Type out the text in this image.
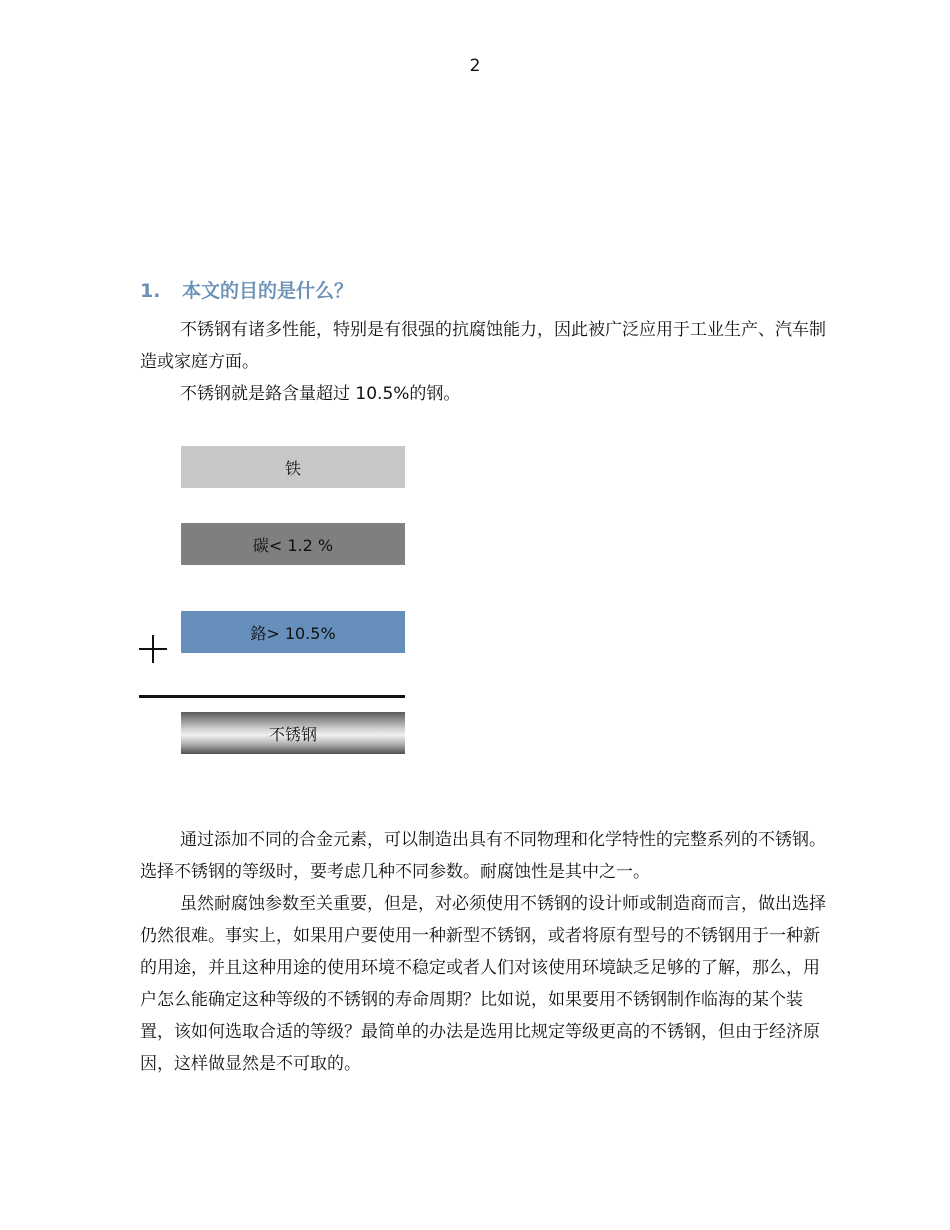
2
1. 本文的目的是什么？

不锈钢有诸多性能，特别是有很强的抗腐蚀能力，因此被广泛应用于工业生产、汽车制造或家庭方面。

不锈钢就是鉻含量超过 10.5%的钢。

铁
碳< 1.2 %
鉻> 10.5%
不锈钢

通过添加不同的合金元素，可以制造出具有不同物理和化学特性的完整系列的不锈钢。选择不锈钢的等级时，要考虑几种不同参数。耐腐蚀性是其中之一。

虽然耐腐蚀参数至关重要，但是，对必须使用不锈钢的设计师或制造商而言，做出选择仍然很难。事实上，如果用户要使用一种新型不锈钢，或者将原有型号的不锈钢用于一种新的用途，并且这种用途的使用环境不稳定或者人们对该使用环境缺乏足够的了解，那么，用户怎么能确定这种等级的不锈钢的寿命周期？比如说，如果要用不锈钢制作临海的某个装置，该如何选取合适的等级？最简单的办法是选用比规定等级更高的不锈钢，但由于经济原因，这样做显然是不可取的。
